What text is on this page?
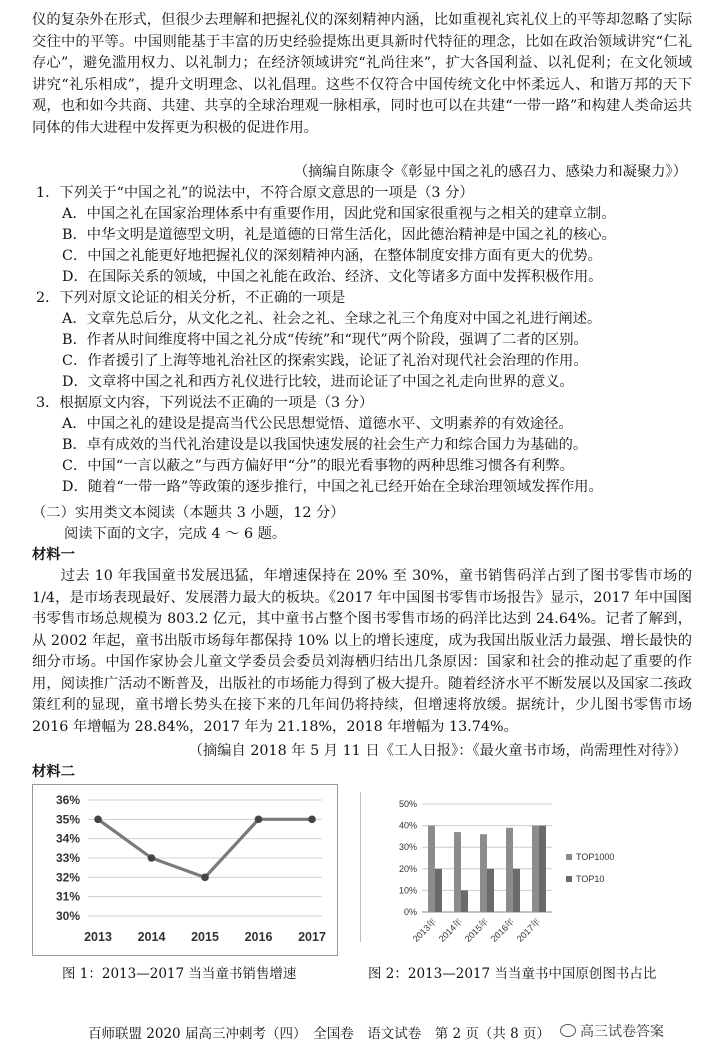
仪的复杂外在形式，但很少去理解和把握礼仪的深刻精神内涵，比如重视礼宾礼仪上的平等却忽略了实际交往中的平等。中国则能基于丰富的历史经验提炼出更具新时代特征的理念，比如在政治领域讲究“仁礼存心”，避免滥用权力、以礼制力；在经济领域讲究“礼尚往来”，扩大各国利益、以礼促利；在文化领域讲究“礼乐相成”，提升文明理念、以礼倡理。这些不仅符合中国传统文化中怀柔远人、和谐万邦的天下观，也和如今共商、共建、共享的全球治理观一脉相承，同时也可以在共建“一带一路”和构建人类命运共同体的伟大进程中发挥更为积极的促进作用。
（摘编自陈康令《彰显中国之礼的感召力、感染力和凝聚力》）
1．下列关于“中国之礼”的说法中，不符合原文意思的一项是（3 分）
A．中国之礼在国家治理体系中有重要作用，因此党和国家很重视与之相关的建章立制。
B．中华文明是道德型文明，礼是道德的日常生活化，因此德治精神是中国之礼的核心。
C．中国之礼能更好地把握礼仪的深刻精神内涵，在整体制度安排方面有更大的优势。
D．在国际关系的领域，中国之礼能在政治、经济、文化等诸多方面中发挥积极作用。
2．下列对原文论证的相关分析，不正确的一项是
A．文章先总后分，从文化之礼、社会之礼、全球之礼三个角度对中国之礼进行阐述。
B．作者从时间维度将中国之礼分成“传统”和“现代”两个阶段，强调了二者的区别。
C．作者援引了上海等地礼治社区的探索实践，论证了礼治对现代社会治理的作用。
D．文章将中国之礼和西方礼仪进行比较，进而论证了中国之礼走向世界的意义。
3．根据原文内容，下列说法不正确的一项是（3 分）
A．中国之礼的建设是提高当代公民思想觉悟、道德水平、文明素养的有效途径。
B．卓有成效的当代礼治建设是以我国快速发展的社会生产力和综合国力为基础的。
C．中国“一言以蔽之”与西方偏好甲“分”的眼光看事物的两种思维习惯各有利弊。
D．随着“一带一路”等政策的逐步推行，中国之礼已经开始在全球治理领域发挥作用。
（二）实用类文本阅读（本题共 3 小题，12 分）
阅读下面的文字，完成 4 ～ 6 题。
材料一
过去 10 年我国童书发展迅猛，年增速保持在 20% 至 30%，童书销售码洋占到了图书零售市场的 1/4，是市场表现最好、发展潜力最大的板块。《2017 年中国图书零售市场报告》显示，2017 年中国图书零售市场总规模为 803.2 亿元，其中童书占整个图书零售市场的码洋比达到 24.64%。记者了解到，从 2002 年起，童书出版市场每年都保持 10% 以上的增长速度，成为我国出版业活力最强、增长最快的细分市场。中国作家协会儿童文学委员会委员刘海栖归结出几条原因：国家和社会的推动起了重要的作用，阅读推广活动不断普及，出版社的市场能力得到了极大提升。随着经济水平不断发展以及国家二孩政策红利的显现，童书增长势头在接下来的几年间仍将持续，但增速将放缓。据统计，少儿图书零售市场 2016 年增幅为 28.84%，2017 年为 21.18%，2018 年增幅为 13.74%。
（摘编自 2018 年 5 月 11 日《工人日报》：《最火童书市场，尚需理性对待》）
材料二
30%
31%
32%
33%
34%
35%
36%
2013 2014 2015 2016 2017
0%
10%
20%
30%
40%
50%
2013年
2014年
2015年
2016年
2017年
TOP1000
TOP10
图 1：2013—2017 当当童书销售增速	图 2：2013—2017 当当童书中国原创图书占比
百师联盟 2020 届高三冲刺考（四）　全国卷　语文试卷　第 2 页（共 8 页）	高三试卷答案
